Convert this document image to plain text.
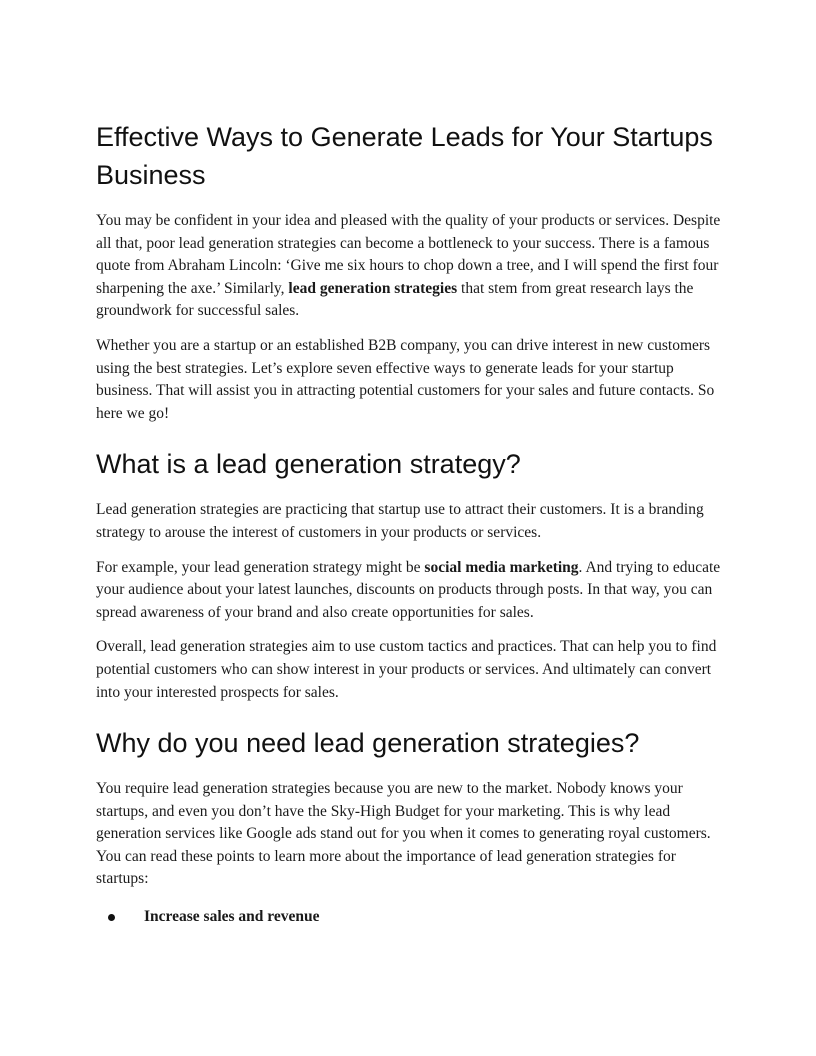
Effective Ways to Generate Leads for Your Startups Business

You may be confident in your idea and pleased with the quality of your products or services. Despite all that, poor lead generation strategies can become a bottleneck to your success. There is a famous quote from Abraham Lincoln: ‘Give me six hours to chop down a tree, and I will spend the first four sharpening the axe.’ Similarly, lead generation strategies that stem from great research lays the groundwork for successful sales.

Whether you are a startup or an established B2B company, you can drive interest in new customers using the best strategies. Let’s explore seven effective ways to generate leads for your startup business. That will assist you in attracting potential customers for your sales and future contacts. So here we go!

What is a lead generation strategy?

Lead generation strategies are practicing that startup use to attract their customers. It is a branding strategy to arouse the interest of customers in your products or services.

For example, your lead generation strategy might be social media marketing. And trying to educate your audience about your latest launches, discounts on products through posts. In that way, you can spread awareness of your brand and also create opportunities for sales.

Overall, lead generation strategies aim to use custom tactics and practices. That can help you to find potential customers who can show interest in your products or services. And ultimately can convert into your interested prospects for sales.

Why do you need lead generation strategies?

You require lead generation strategies because you are new to the market. Nobody knows your startups, and even you don’t have the Sky-High Budget for your marketing. This is why lead generation services like Google ads stand out for you when it comes to generating royal customers. You can read these points to learn more about the importance of lead generation strategies for startups:

Increase sales and revenue
